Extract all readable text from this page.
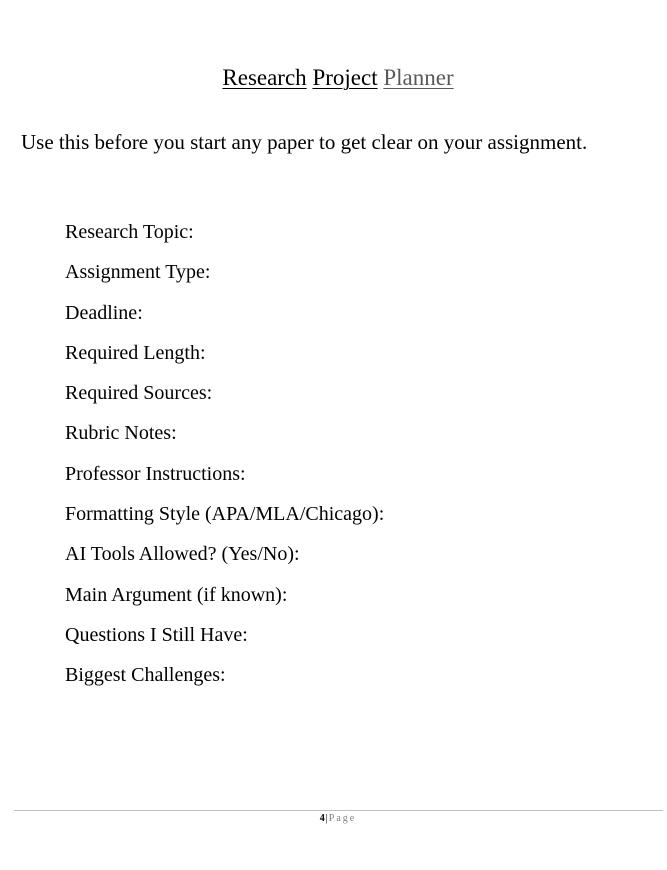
Research Project Planner
Use this before you start any paper to get clear on your assignment.
Research Topic:
Assignment Type:
Deadline:
Required Length:
Required Sources:
Rubric Notes:
Professor Instructions:
Formatting Style (APA/MLA/Chicago):
AI Tools Allowed? (Yes/No):
Main Argument (if known):
Questions I Still Have:
Biggest Challenges:
4|Page
